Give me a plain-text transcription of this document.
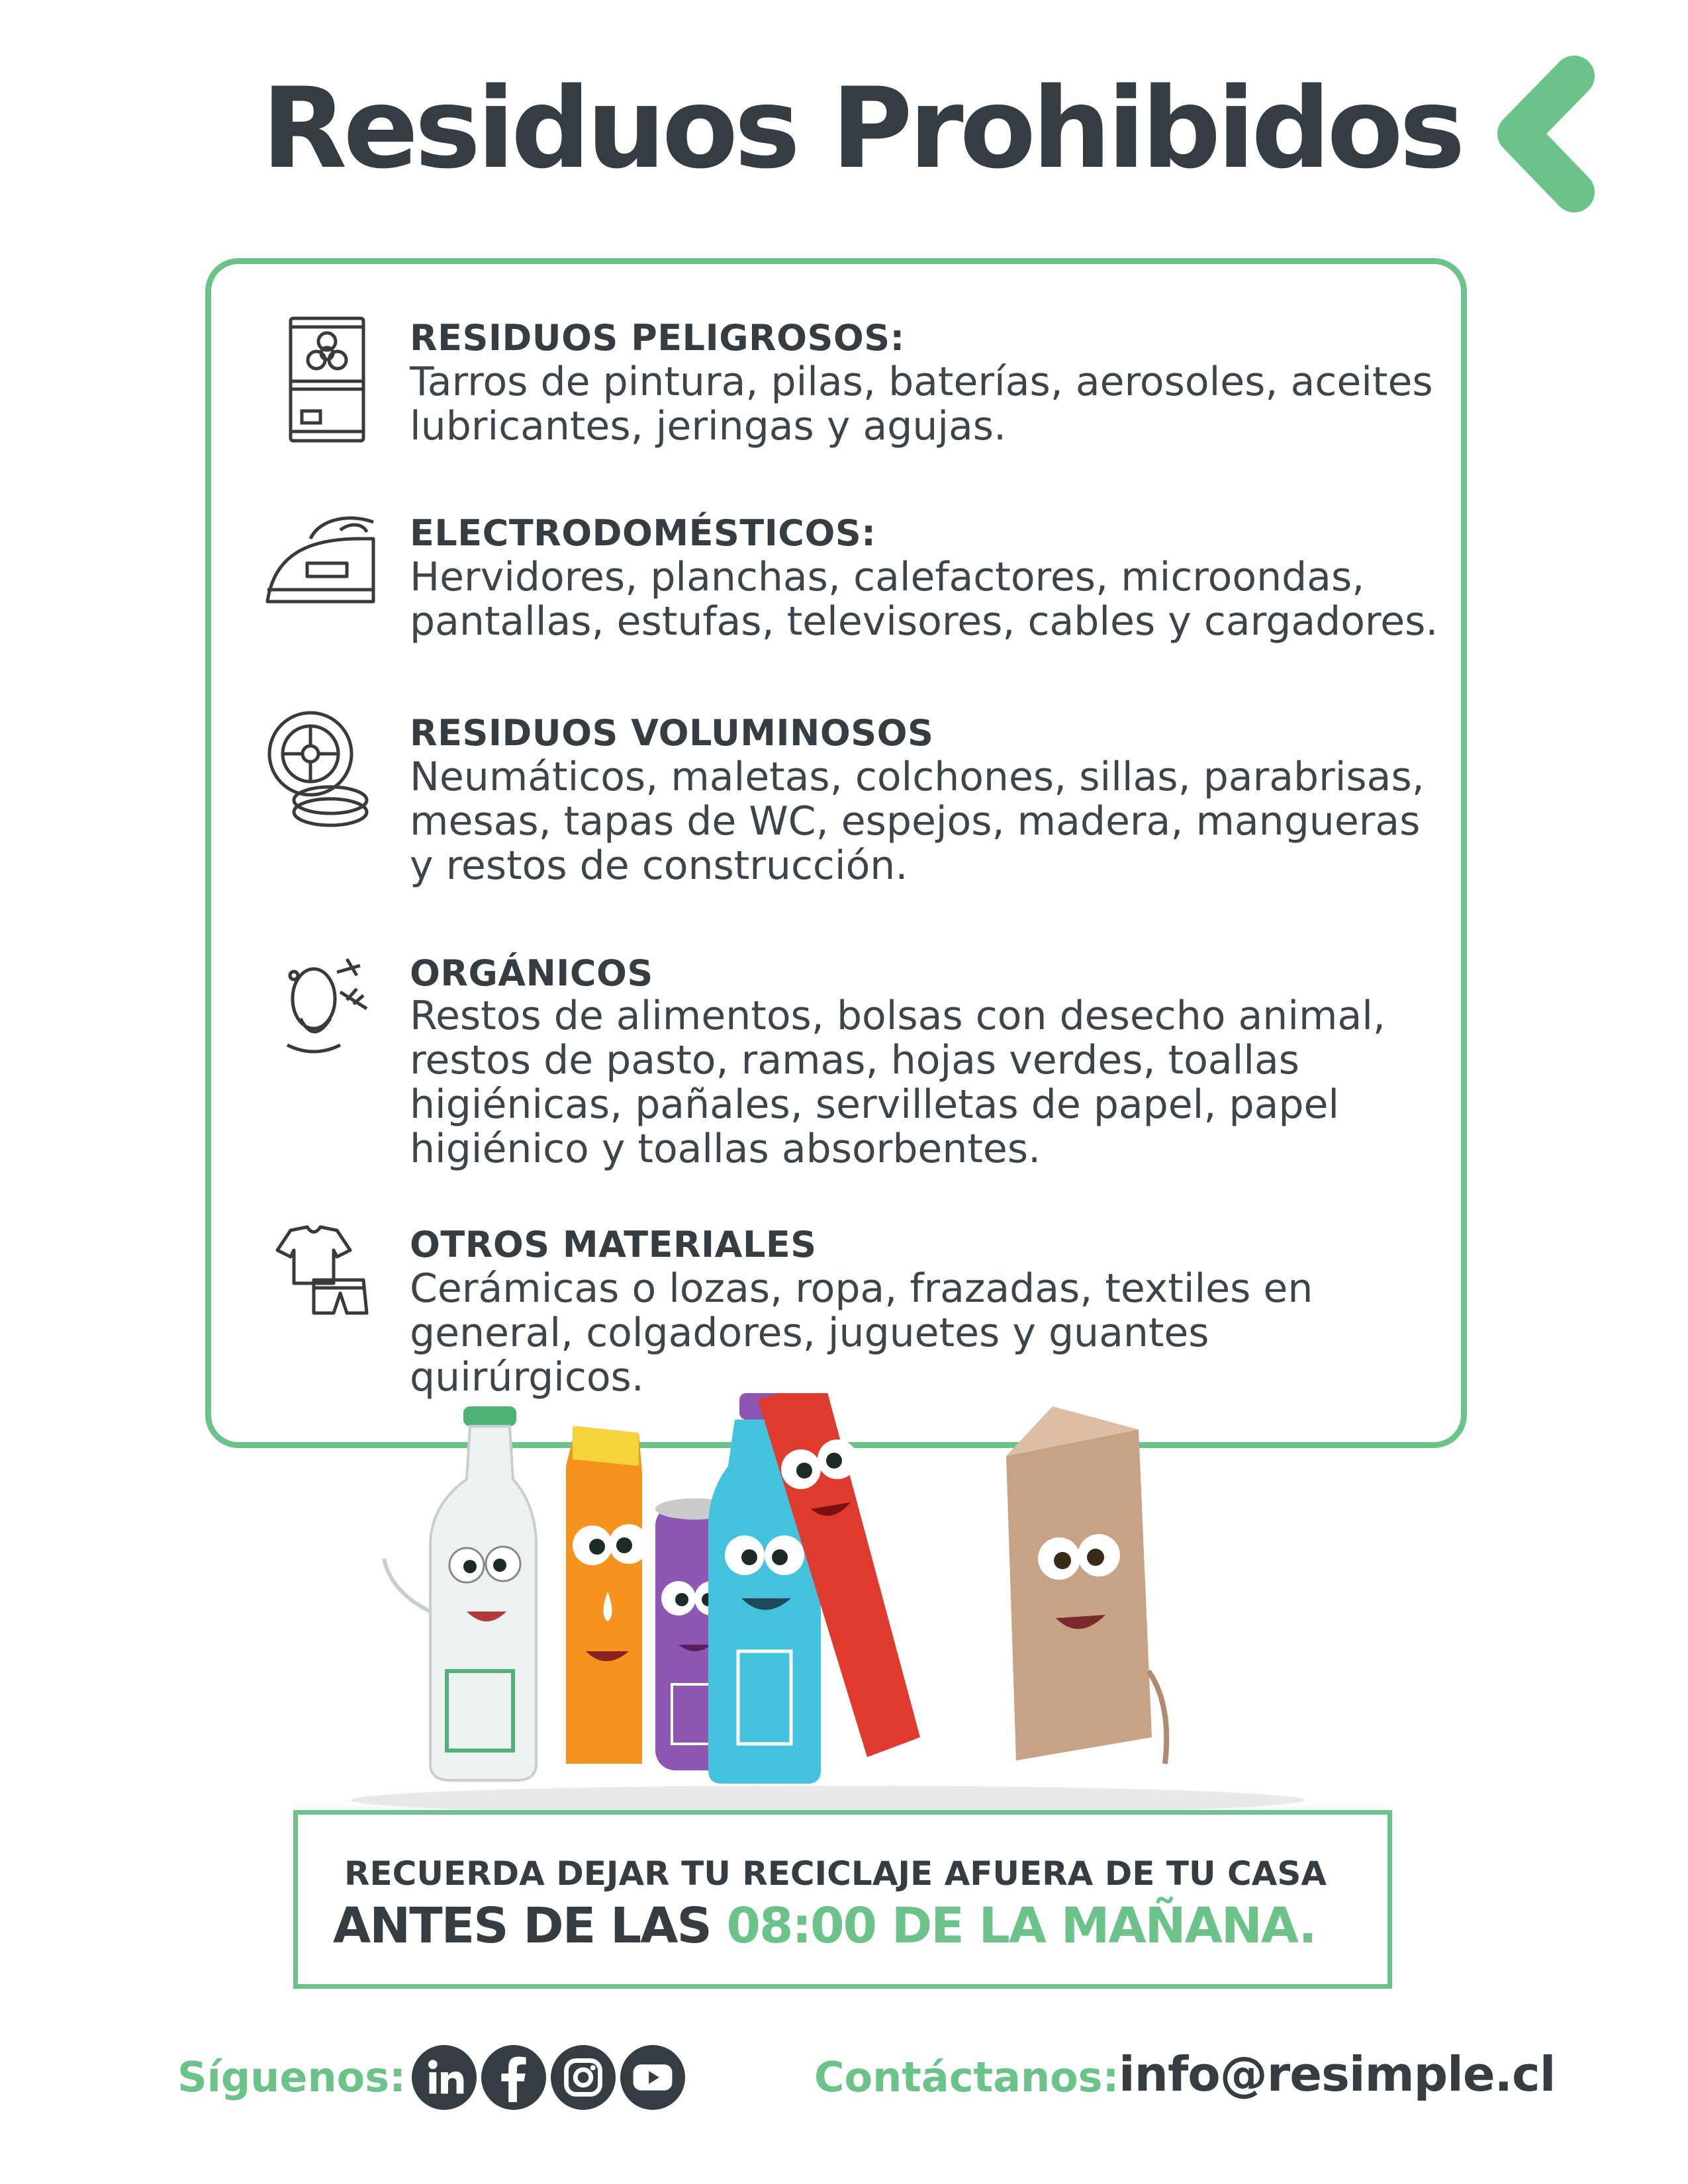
Residuos Prohibidos
RESIDUOS PELIGROSOS:

Tarros de pintura, pilas, baterías, aerosoles, aceites lubricantes, jeringas y agujas.

ELECTRODOMÉSTICOS:

Hervidores, planchas, calefactores, microondas, pantallas, estufas, televisores, cables y cargadores.

RESIDUOS VOLUMINOSOS

Neumáticos, maletas, colchones, sillas, parabrisas, mesas, tapas de WC, espejos, madera, mangueras y restos de construcción.

ORGÁNICOS

Restos de alimentos, bolsas con desecho animal, restos de pasto, ramas, hojas verdes, toallas higiénicas, pañales, servilletas de papel, papel higiénico y toallas absorbentes.

OTROS MATERIALES

Cerámicas o lozas, ropa, frazadas, textiles en general, colgadores, juguetes y guantes quirúrgicos.

RECUERDA DEJAR TU RECICLAJE AFUERA DE TU CASA
ANTES DE LAS 08:00 DE LA MAÑANA.
Síguenos:	Contáctanos: info@resimple.cl
